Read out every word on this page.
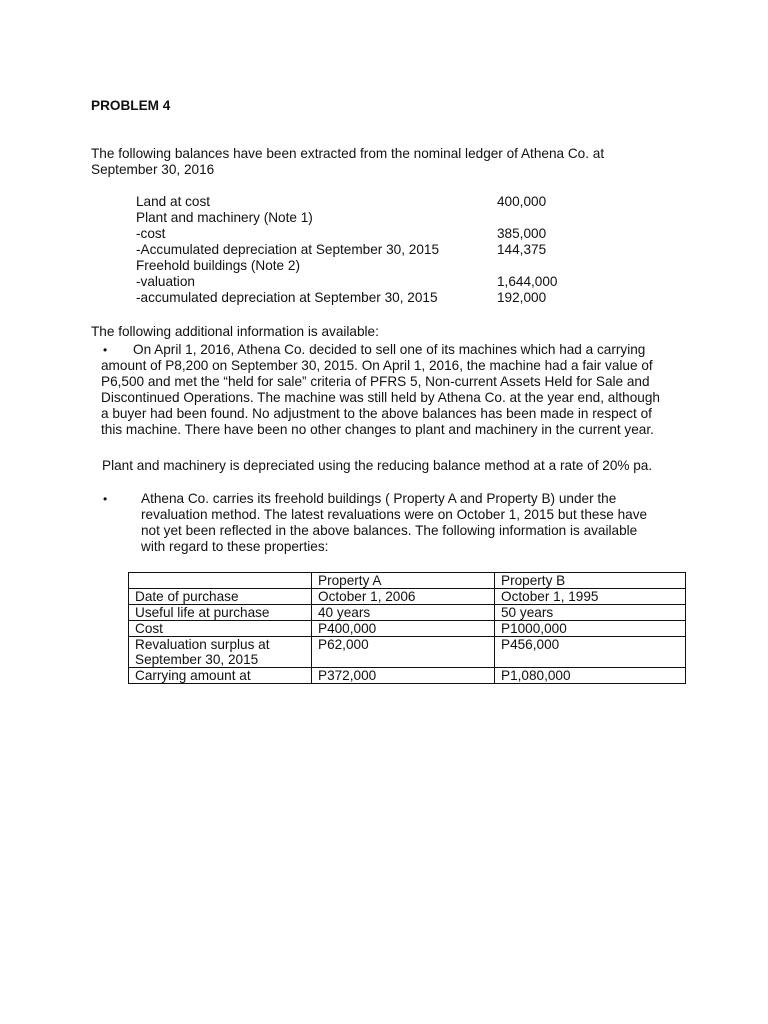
PROBLEM 4
The following balances have been extracted from the nominal ledger of Athena Co. at
September 30, 2016
Land at cost	400,000
Plant and machinery (Note 1)
-cost	385,000
-Accumulated depreciation at September 30, 2015	144,375
Freehold buildings (Note 2)
-valuation	1,644,000
-accumulated depreciation at September 30, 2015	192,000
The following additional information is available:
•	On April 1, 2016, Athena Co. decided to sell one of its machines which had a carrying
amount of P8,200 on September 30, 2015. On April 1, 2016, the machine had a fair value of
P6,500 and met the “held for sale” criteria of PFRS 5, Non-current Assets Held for Sale and
Discontinued Operations. The machine was still held by Athena Co. at the year end, although
a buyer had been found. No adjustment to the above balances has been made in respect of
this machine. There have been no other changes to plant and machinery in the current year.
Plant and machinery is depreciated using the reducing balance method at a rate of 20% pa.
• Athena Co. carries its freehold buildings ( Property A and Property B) under the
revaluation method. The latest revaluations were on October 1, 2015 but these have
not yet been reflected in the above balances. The following information is available
with regard to these properties:
	Property A	Property B
Date of purchase	October 1, 2006	October 1, 1995
Useful life at purchase	40 years	50 years
Cost	P400,000	P1000,000
Revaluation surplus at September 30, 2015	P62,000	P456,000
Carrying amount at	P372,000	P1,080,000
